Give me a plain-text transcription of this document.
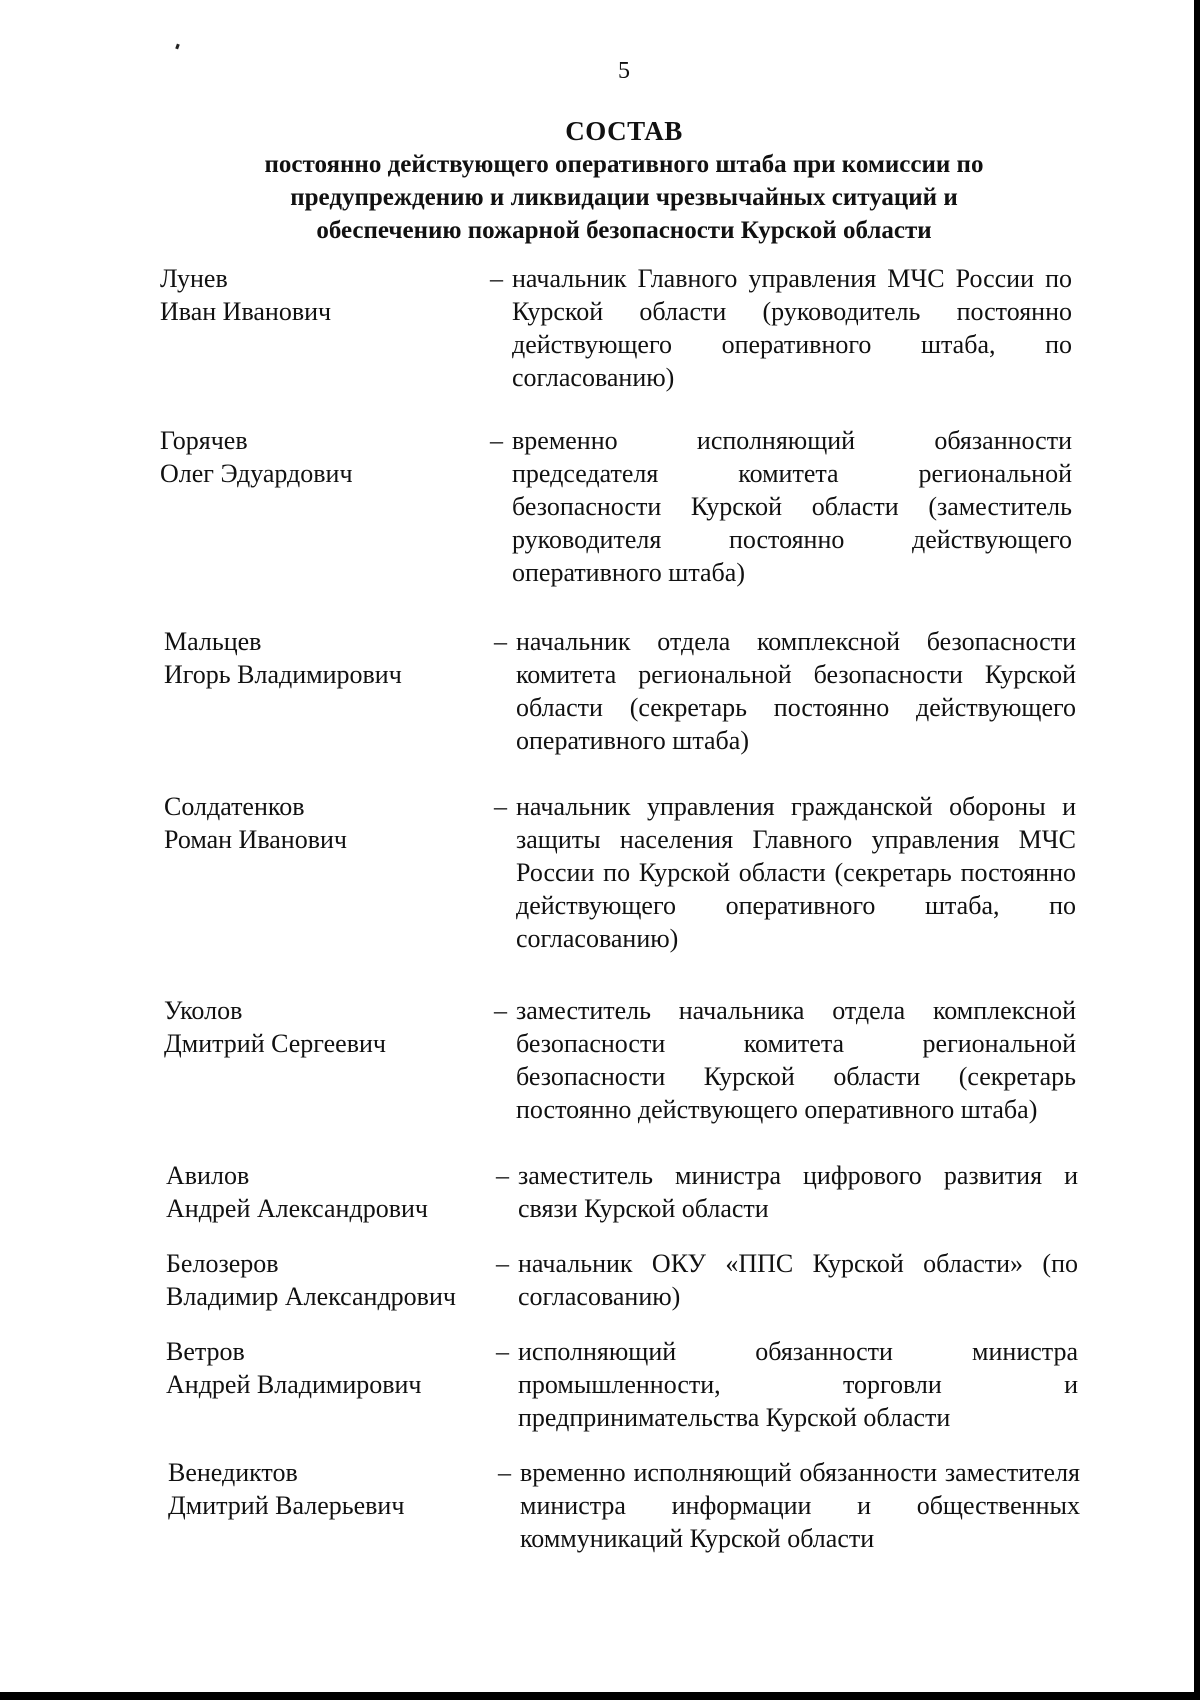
5
СОСТАВ
постоянно действующего оперативного штаба при комиссии по
предупреждению и ликвидации чрезвычайных ситуаций и
обеспечению пожарной безопасности Курской области
Лунев
Иван Иванович
– начальник Главного управления МЧС России по Курской области (руководитель постоянно действующего оперативного штаба, по согласованию)
Горячев
Олег Эдуардович
– временно исполняющий обязанности председателя комитета региональной безопасности Курской области (заместитель руководителя постоянно действующего оперативного штаба)
Мальцев
Игорь Владимирович
– начальник отдела комплексной безопасности комитета региональной безопасности Курской области (секретарь постоянно действующего оперативного штаба)
Солдатенков
Роман Иванович
– начальник управления гражданской обороны и защиты населения Главного управления МЧС России по Курской области (секретарь постоянно действующего оперативного штаба, по согласованию)
Уколов
Дмитрий Сергеевич
– заместитель начальника отдела комплексной безопасности комитета региональной безопасности Курской области (секретарь постоянно действующего оперативного штаба)
Авилов
Андрей Александрович
– заместитель министра цифрового развития и связи Курской области
Белозеров
Владимир Александрович
– начальник ОКУ «ППС Курской области» (по согласованию)
Ветров
Андрей Владимирович
– исполняющий обязанности министра промышленности, торговли и предпринимательства Курской области
Венедиктов
Дмитрий Валерьевич
– временно исполняющий обязанности заместителя министра информации и общественных коммуникаций Курской области
